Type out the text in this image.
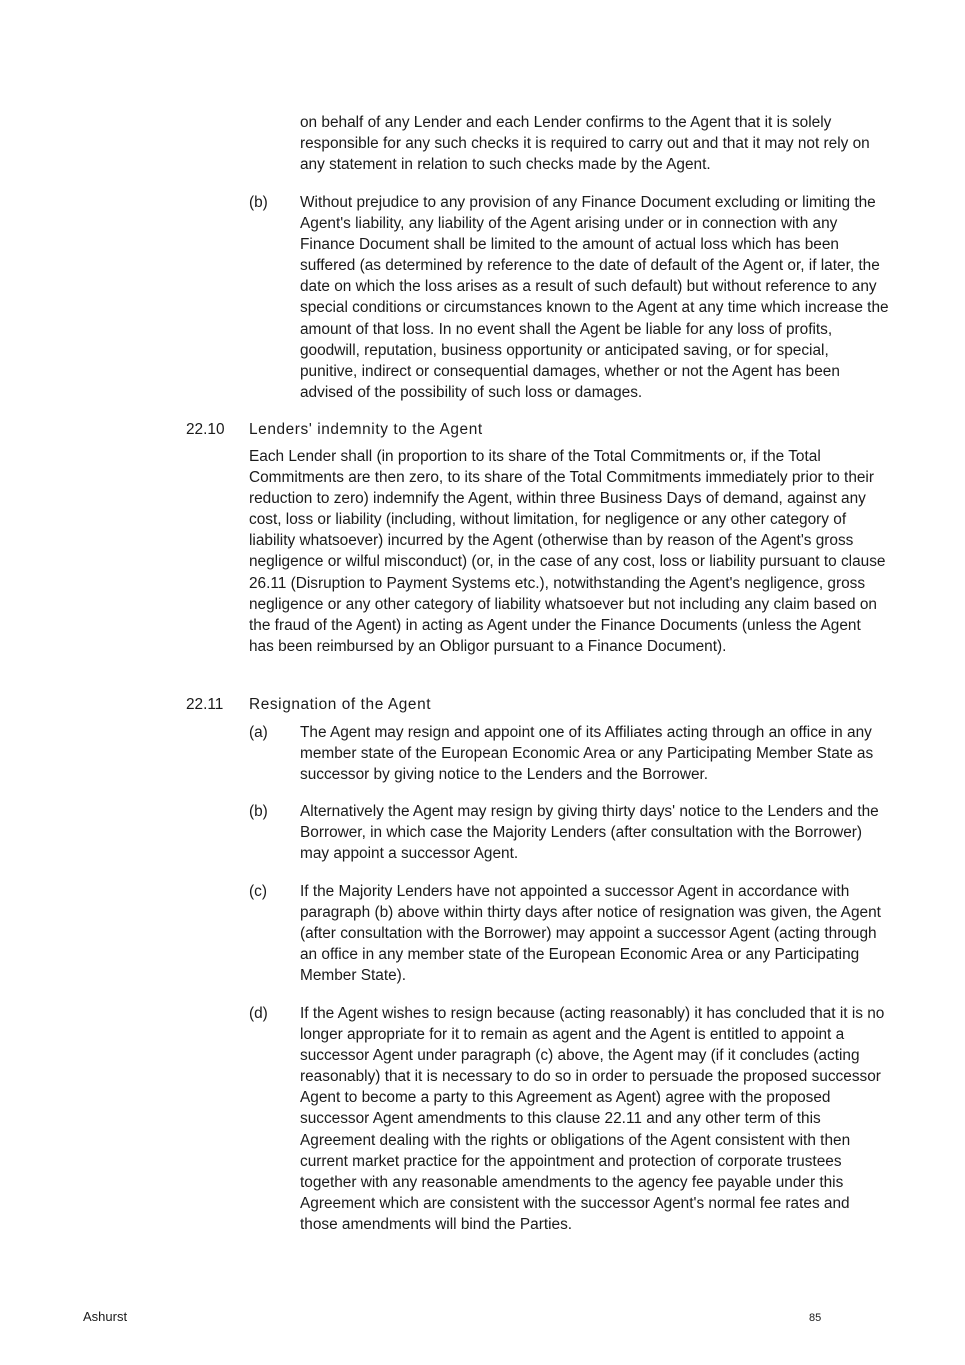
on behalf of any Lender and each Lender confirms to the Agent that it is solely responsible for any such checks it is required to carry out and that it may not rely on any statement in relation to such checks made by the Agent.

(b) Without prejudice to any provision of any Finance Document excluding or limiting the Agent's liability, any liability of the Agent arising under or in connection with any Finance Document shall be limited to the amount of actual loss which has been suffered (as determined by reference to the date of default of the Agent or, if later, the date on which the loss arises as a result of such default) but without reference to any special conditions or circumstances known to the Agent at any time which increase the amount of that loss. In no event shall the Agent be liable for any loss of profits, goodwill, reputation, business opportunity or anticipated saving, or for special, punitive, indirect or consequential damages, whether or not the Agent has been advised of the possibility of such loss or damages.

22.10 Lenders' indemnity to the Agent

Each Lender shall (in proportion to its share of the Total Commitments or, if the Total Commitments are then zero, to its share of the Total Commitments immediately prior to their reduction to zero) indemnify the Agent, within three Business Days of demand, against any cost, loss or liability (including, without limitation, for negligence or any other category of liability whatsoever) incurred by the Agent (otherwise than by reason of the Agent's gross negligence or wilful misconduct) (or, in the case of any cost, loss or liability pursuant to clause 26.11 (Disruption to Payment Systems etc.), notwithstanding the Agent's negligence, gross negligence or any other category of liability whatsoever but not including any claim based on the fraud of the Agent) in acting as Agent under the Finance Documents (unless the Agent has been reimbursed by an Obligor pursuant to a Finance Document).

22.11 Resignation of the Agent
(a) The Agent may resign and appoint one of its Affiliates acting through an office in any member state of the European Economic Area or any Participating Member State as successor by giving notice to the Lenders and the Borrower.

(b) Alternatively the Agent may resign by giving thirty days' notice to the Lenders and the Borrower, in which case the Majority Lenders (after consultation with the Borrower) may appoint a successor Agent.

(c) If the Majority Lenders have not appointed a successor Agent in accordance with paragraph (b) above within thirty days after notice of resignation was given, the Agent (after consultation with the Borrower) may appoint a successor Agent (acting through an office in any member state of the European Economic Area or any Participating Member State).

(d) If the Agent wishes to resign because (acting reasonably) it has concluded that it is no longer appropriate for it to remain as agent and the Agent is entitled to appoint a successor Agent under paragraph (c) above, the Agent may (if it concludes (acting reasonably) that it is necessary to do so in order to persuade the proposed successor Agent to become a party to this Agreement as Agent) agree with the proposed successor Agent amendments to this clause 22.11 and any other term of this Agreement dealing with the rights or obligations of the Agent consistent with then current market practice for the appointment and protection of corporate trustees together with any reasonable amendments to the agency fee payable under this Agreement which are consistent with the successor Agent's normal fee rates and those amendments will bind the Parties.

Ashurst	85
